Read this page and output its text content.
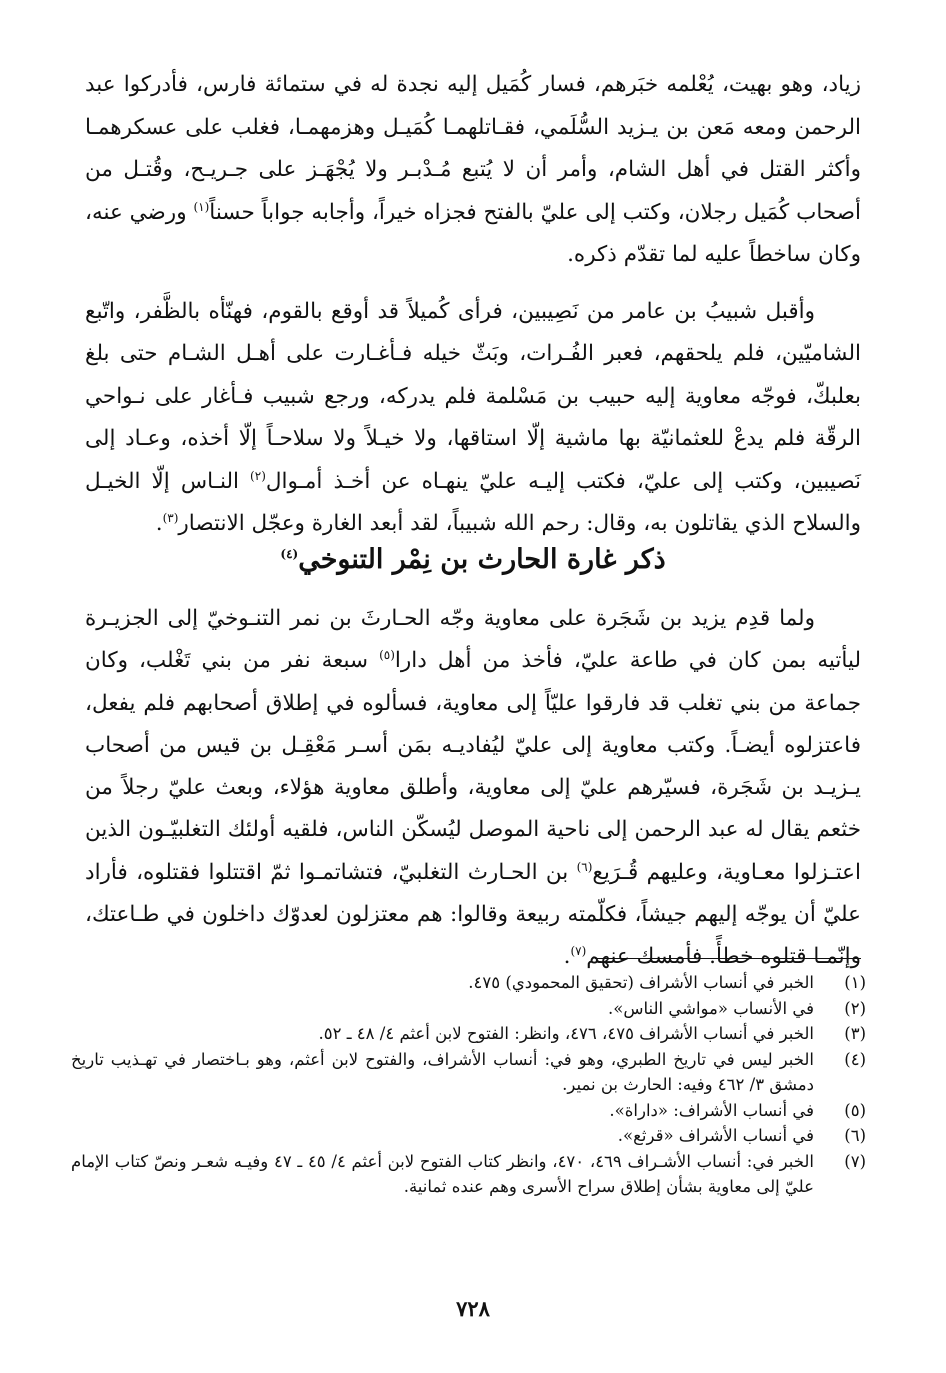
زياد، وهو بهيت، يُعْلمه خبَرهم، فسار كُمَيل إليه نجدة له في ستمائة فارس، فأدركوا عبد الرحمن ومعه مَعن بن يـزيد السُّلَمي، فقـاتلهمـا كُمَيـل وهزمهمـا، فغلب على عسكرهمـا وأكثر القتل في أهل الشام، وأمر أن لا يُتبع مُـدْبـر ولا يُجْهَـز على جـريـح، وقُتـل من أصحاب كُمَيل رجلان، وكتب إلى عليّ بالفتح فجزاه خيراً، وأجابه جواباً حسناً$^{(١)}$ ورضي عنه، وكان ساخطاً عليه لما تقدّم ذكره.

وأقبل شبيبُ بن عامر من نَصِيبين، فرأى كُميلاً قد أوقع بالقوم، فهنّأه بالظَّفر، واتّبع الشاميّين، فلم يلحقهم، فعبر الفُـرات، وبَثّ خيله فـأغـارت على أهـل الشـام حتى بلغ بعلبكّ، فوجّه معاوية إليه حبيب بن مَسْلمة فلم يدركه، ورجع شبيب فـأغار على نـواحي الرقّة فلم يدعْ للعثمانيّة بها ماشية إلّا استاقها، ولا خيـلاً ولا سلاحـاً إلّا أخذه، وعـاد إلى نَصيبين، وكتب إلى عليّ، فكتب إليـه عليّ ينهـاه عن أخـذ أمـوال$^{(٢)}$ النـاس إلّا الخيـل والسلاح الذي يقاتلون به، وقال: رحم الله شبيباً، لقد أبعد الغارة وعجّل الانتصار$^{(٣)}$.

ذكر غارة الحارث بن نِمْر التنوخي$^{(٤)}$

ولما قدِم يزيد بن شَجَرة على معاوية وجّه الحـارثَ بن نمر التنـوخيّ إلى الجزيـرة ليأتيه بمن كان في طاعة عليّ، فأخذ من أهل دارا$^{(٥)}$ سبعة نفر من بني تَغْلب، وكان جماعة من بني تغلب قد فارقوا عليّاً إلى معاوية، فسألوه في إطلاق أصحابهم فلم يفعل، فاعتزلوه أيضـاً. وكتب معاوية إلى عليّ ليُفاديـه بمَن أسـر مَعْقِـل بن قيس من أصحاب يـزيـد بن شَجَرة، فسيّرهم عليّ إلى معاوية، وأطلق معاوية هؤلاء، وبعث عليّ رجلاً من خثعم يقال له عبد الرحمن إلى ناحية الموصل ليُسكّن الناس، فلقيه أولئك التغلبيّـون الذين اعتـزلوا معـاوية، وعليهم قُـرَيع$^{(٦)}$ بن الحـارث التغلبيّ، فتشاتمـوا ثمّ اقتتلوا فقتلوه، فأراد عليّ أن يوجّه إليهم جيشاً، فكلّمته ربيعة وقالوا: هم معتزلون لعدوّك داخلون في طـاعتك، وإنّمـا قتلوه خطأً. فأمسك عنهم$^{(٧)}$.

(١)
الخبر في أنساب الأشراف (تحقيق المحمودي) ٤٧٥.
(٢)
في الأنساب «مواشي الناس».
(٣)
الخبر في أنساب الأشراف ٤٧٥، ٤٧٦، وانظر: الفتوح لابن أعثم ٤/ ٤٨ ـ ٥٢.
(٤)
الخبر ليس في تاريخ الطبري، وهو في: أنساب الأشراف، والفتوح لابن أعثم، وهو بـاختصار في تهـذيب تاريخ دمشق ٣/ ٤٦٢ وفيه: الحارث بن نمير.
(٥)
في أنساب الأشراف: «داراة».
(٦)
في أنساب الأشراف «قرثع».
(٧)
الخبر في: أنساب الأشـراف ٤٦٩، ٤٧٠، وانظر كتاب الفتوح لابن أعثم ٤/ ٤٥ ـ ٤٧ وفيـه شعـر ونصّ كتاب الإمام عليّ إلى معاوية بشأن إطلاق سراح الأسرى وهم عنده ثمانية.
٧٢٨
